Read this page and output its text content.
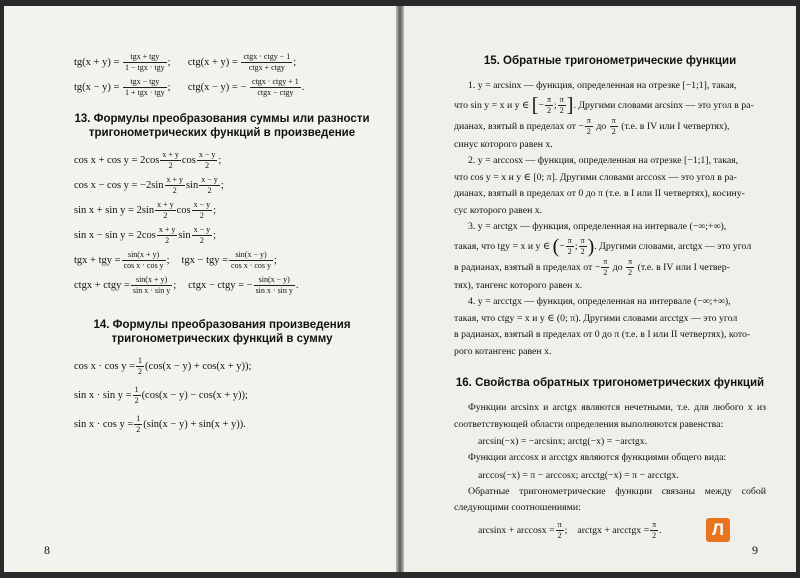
$tg(x + y) = \frac{\text{tgx + tgy}}{\text{1 − tgx · tgy}}$ ; $ctg(x + y) = \frac{\text{ctgx · ctgy − 1}}{\text{ctgx + ctgy}}$ ;
$tg(x - y) = \frac{\text{tgx − tgy}}{\text{1 + tgx · tgy}}$ ; ctg(x − y) = − $\frac{\text{ctgx · ctgy + 1}}{\text{ctgx − ctgy}}$ .
13. Формулы преобразования суммы или разности тригонометрических функций в произведение
$\cos x + \cos y = 2\cos \frac{x + y}{2}$ $\cos \frac{x - y}{2}$ ;
$\cos x - \cos y = -2\sin \frac{x + y}{2}$ $\sin \frac{x - y}{2}$ ;
$\sin x + \sin y = 2\sin \frac{x + y}{2}$ $\cos \frac{x - y}{2}$ ;
$\sin x - \sin y = 2\cos \frac{x + y}{2}$ $\sin \frac{x - y}{2}$ ;
tgx + tgy = $\frac{\sin(x + y)}{\text{cos x · cos y}}$ ; tgx − tgy = $\frac{\sin(x - y)}{\text{cos x · cos y}}$ ;
ctgx + ctgy = $\frac{\sin(x + y)}{\text{sin x · sin y}}$ ; ctgx − ctgy = − $\frac{\sin(x - y)}{\text{sin x · sin y}}$ .
14. Формулы преобразования произведения тригонометрических функций в сумму
$\cos x \cdot \cos y = \frac{1}{2} (\cos(x - y) + \cos(x + y))$;
$\sin x \cdot \sin y = \frac{1}{2} (\cos(x - y) - \cos(x + y))$;
$\sin x \cdot \cos y = \frac{1}{2} (\sin(x - y) + \sin(x + y))$.
8
15. Обратные тригонометрические функции

1. y = arcsinx — функция, определенная на отрезке [−1;1], такая,

что sin y = x и y ∈ [− $\frac{\pi}{2}$ ; $\frac{\pi}{2}$ ]. Другими словами arcsinx — это угол в ра-

дианах, взятый в пределах от − $\frac{\pi}{2}$ до $\frac{\pi}{2} (т.е$. в IV или I четвертях),

синус которого равен x.

2. y = arccosx — функция, определенная на отрезке [−1;1], такая,

что cos y = x и y ∈ [0; π]. Другими словами arccosx — это угол в ра-

дианах, взятый в пределах от 0 до π (т.е. в I или II четвертях), косину-

сус которого равен x.

3. y = arctgx — функция, определенная на интервале (−∞;+∞),

такая, что tgy = x и y ∈ (− $\frac{\pi}{2}$ ; $\frac{\pi}{2}$ ). Другими словами, arctgx — это угол

в радианах, взятый в пределах от − $\frac{\pi}{2}$ до $\frac{\pi}{2} (т.е$. в IV или I четвер-

тях), тангенс которого равен x.

4. y = arcctgx — функция, определенная на интервале (−∞;+∞),

такая, что ctgy = x и y ∈ (0; π). Другими словами arcctgx — это угол

в радианах, взятый в пределах от 0 до π (т.е. в I или II четвертях), кото-

рого котангенс равен x.

16. Свойства обратных тригонометрических функций

Функции arcsinx и arctgx являются нечетными, т.е. для любого x из соответствующей области определения выполняются равенства:

arcsin(−x) = −arcsinx; arctg(−x) = −arctgx.

Функции arccosx и arcctgx являются функциями общего вида:

arccos(−x) = π − arccosx; arcctg(−x) = π − arcctgx.

Обратные тригонометрические функции связаны между собой следующими соотношениями:

$\arcsin x + \arccos x = \frac{\pi}{2}$ ; arctgx + arcctgx = $\frac{\pi}{2}$ .	Л
9
